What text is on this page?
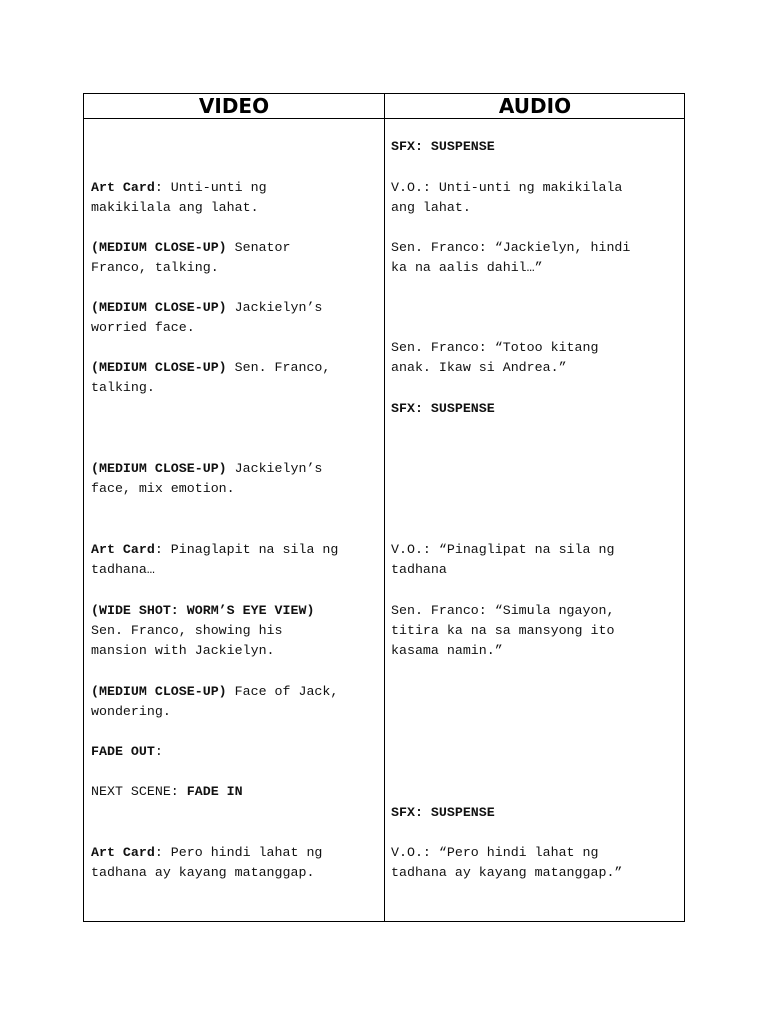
VIDEO	AUDIO
Art Card: Unti-unti ng
makikilala ang lahat.
(MEDIUM CLOSE-UP) Senator
Franco, talking.
(MEDIUM CLOSE-UP) Jackielyn’s
worried face.
(MEDIUM CLOSE-UP) Sen. Franco,
talking.
(MEDIUM CLOSE-UP) Jackielyn’s
face, mix emotion.
Art Card: Pinaglapit na sila ng
tadhana…
(WIDE SHOT: WORM’S EYE VIEW)
Sen. Franco, showing his
mansion with Jackielyn.
(MEDIUM CLOSE-UP) Face of Jack,
wondering.
FADE OUT:
NEXT SCENE: FADE IN
Art Card: Pero hindi lahat ng
tadhana ay kayang matanggap.
SFX: SUSPENSE
V.O.: Unti-unti ng makikilala
ang lahat.
Sen. Franco: “Jackielyn, hindi
ka na aalis dahil…”
Sen. Franco: “Totoo kitang
anak. Ikaw si Andrea.”
SFX: SUSPENSE
V.O.: “Pinaglipat na sila ng
tadhana
Sen. Franco: “Simula ngayon,
titira ka na sa mansyong ito
kasama namin.”
SFX: SUSPENSE
V.O.: “Pero hindi lahat ng
tadhana ay kayang matanggap.”
